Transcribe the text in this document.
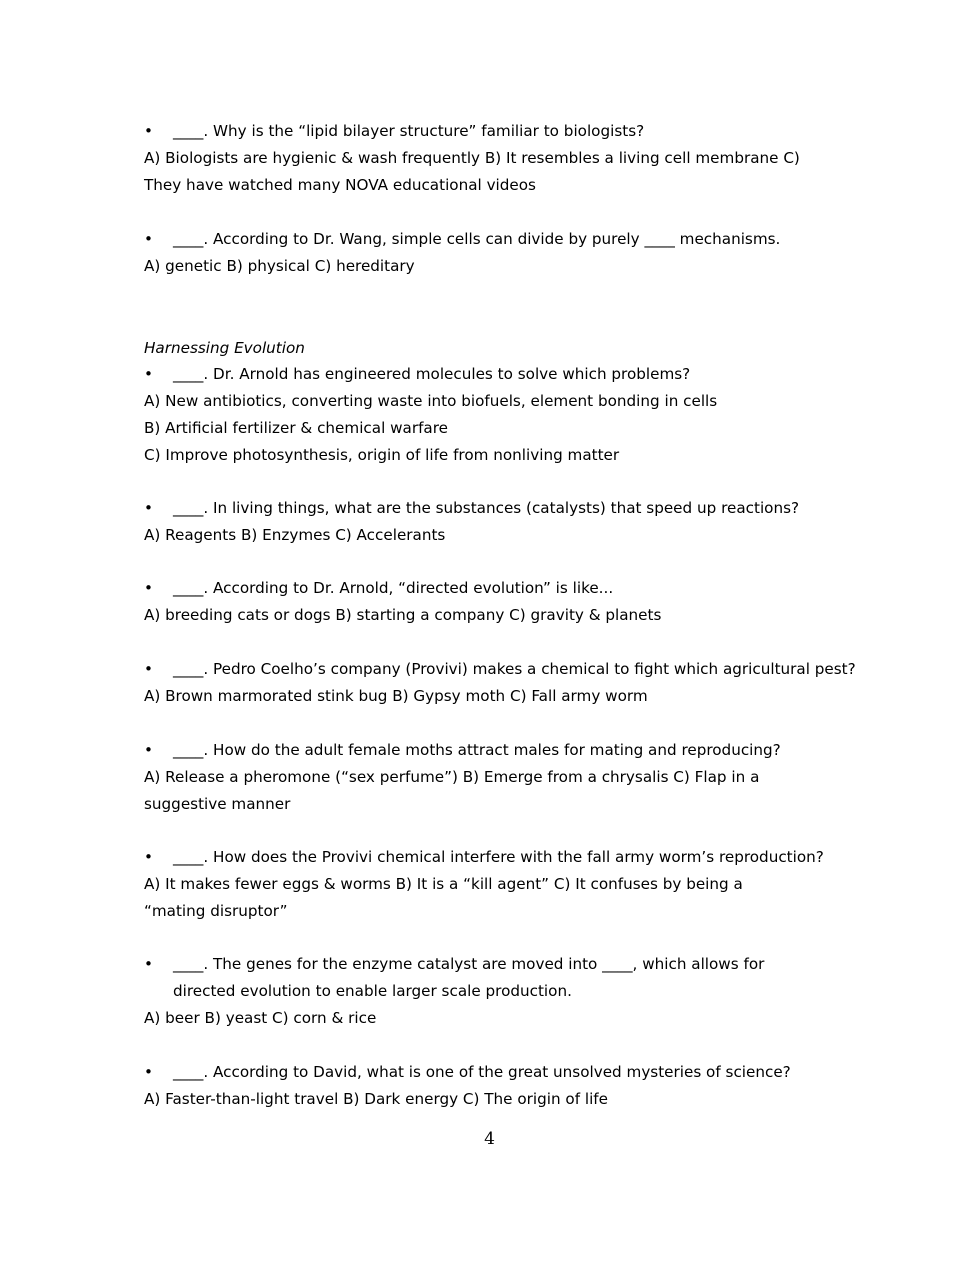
• ____. Why is the “lipid bilayer structure” familiar to biologists?
A) Biologists are hygienic & wash frequently B) It resembles a living cell membrane C) They have watched many NOVA educational videos
• ____. According to Dr. Wang, simple cells can divide by purely ____ mechanisms.
A) genetic B) physical C) hereditary
Harnessing Evolution
• ____. Dr. Arnold has engineered molecules to solve which problems?
A) New antibiotics, converting waste into biofuels, element bonding in cells
B) Artificial fertilizer & chemical warfare
C) Improve photosynthesis, origin of life from nonliving matter
• ____. In living things, what are the substances (catalysts) that speed up reactions?
A) Reagents B) Enzymes C) Accelerants
• ____. According to Dr. Arnold, “directed evolution” is like...
A) breeding cats or dogs B) starting a company C) gravity & planets
• ____. Pedro Coelho’s company (Provivi) makes a chemical to fight which agricultural pest?
A) Brown marmorated stink bug B) Gypsy moth C) Fall army worm
• ____. How do the adult female moths attract males for mating and reproducing?
A) Release a pheromone (“sex perfume”) B) Emerge from a chrysalis C) Flap in a suggestive manner
• ____. How does the Provivi chemical interfere with the fall army worm’s reproduction?
A) It makes fewer eggs & worms B) It is a “kill agent” C) It confuses by being a “mating disruptor”
• ____. The genes for the enzyme catalyst are moved into ____, which allows for directed evolution to enable larger scale production.
A) beer B) yeast C) corn & rice
• ____. According to David, what is one of the great unsolved mysteries of science?
A) Faster-than-light travel B) Dark energy C) The origin of life
4
